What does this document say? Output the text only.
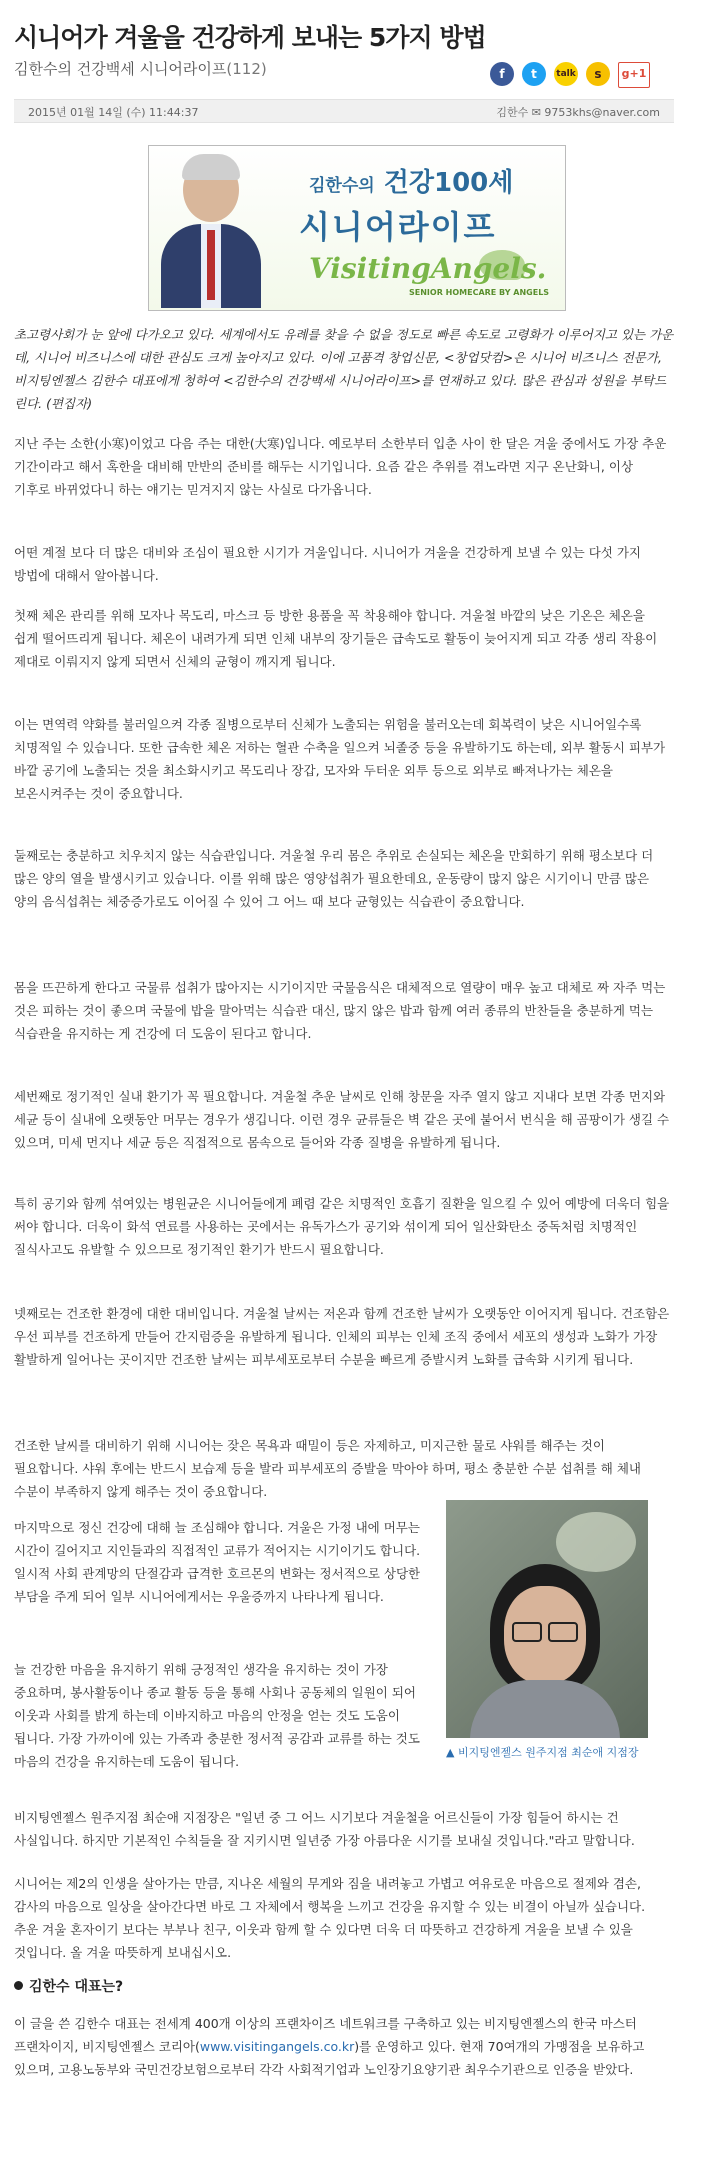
시니어가 겨울을 건강하게 보내는 5가지 방법
김한수의 건강백세 시니어라이프(112)	f	t	talk	s	g+1
2015년 01월 14일 (수) 11:44:37	김한수 ✉ 9753khs@naver.com
김한수의 건강100세
시니어라이프
VisitingAngels.
SENIOR HOMECARE BY ANGELS
초고령사회가 눈 앞에 다가오고 있다. 세계에서도 유례를 찾을 수 없을 정도로 빠른 속도로 고령화가 이루어지고 있는 가운데, 시니어 비즈니스에 대한 관심도 크게 높아지고 있다. 이에 고품격 창업신문, <창업닷컴>은 시니어 비즈니스 전문가, 비지팅엔젤스 김한수 대표에게 청하여 <김한수의 건강백세 시니어라이프>를 연재하고 있다. 많은 관심과 성원을 부탁드린다. (편집자)
지난 주는 소한(小寒)이었고 다음 주는 대한(大寒)입니다. 예로부터 소한부터 입춘 사이 한 달은 겨울 중에서도 가장 추운 기간이라고 해서 혹한을 대비해 만반의 준비를 해두는 시기입니다. 요즘 같은 추위를 겪노라면 지구 온난화니, 이상 기후로 바뀌었다니 하는 얘기는 믿겨지지 않는 사실로 다가옵니다.
어떤 계절 보다 더 많은 대비와 조심이 필요한 시기가 겨울입니다. 시니어가 겨울을 건강하게 보낼 수 있는 다섯 가지 방법에 대해서 알아봅니다.
첫째 체온 관리를 위해 모자나 목도리, 마스크 등 방한 용품을 꼭 착용해야 합니다. 겨울철 바깥의 낮은 기온은 체온을 쉽게 떨어뜨리게 됩니다. 체온이 내려가게 되면 인체 내부의 장기들은 급속도로 활동이 늦어지게 되고 각종 생리 작용이 제대로 이뤄지지 않게 되면서 신체의 균형이 깨지게 됩니다.
이는 면역력 약화를 불러일으켜 각종 질병으로부터 신체가 노출되는 위험을 불러오는데 회복력이 낮은 시니어일수록 치명적일 수 있습니다. 또한 급속한 체온 저하는 혈관 수축을 일으켜 뇌졸중 등을 유발하기도 하는데, 외부 활동시 피부가 바깥 공기에 노출되는 것을 최소화시키고 목도리나 장갑, 모자와 두터운 외투 등으로 외부로 빠져나가는 체온을 보온시켜주는 것이 중요합니다.
둘째로는 충분하고 치우치지 않는 식습관입니다. 겨울철 우리 몸은 추위로 손실되는 체온을 만회하기 위해 평소보다 더 많은 양의 열을 발생시키고 있습니다. 이를 위해 많은 영양섭취가 필요한데요, 운동량이 많지 않은 시기이니 만큼 많은 양의 음식섭취는 체중증가로도 이어질 수 있어 그 어느 때 보다 균형있는 식습관이 중요합니다.
몸을 뜨끈하게 한다고 국물류 섭취가 많아지는 시기이지만 국물음식은 대체적으로 열량이 매우 높고 대체로 짜 자주 먹는 것은 피하는 것이 좋으며 국물에 밥을 말아먹는 식습관 대신, 많지 않은 밥과 함께 여러 종류의 반찬들을 충분하게 먹는 식습관을 유지하는 게 건강에 더 도움이 된다고 합니다.
세번째로 정기적인 실내 환기가 꼭 필요합니다. 겨울철 추운 날씨로 인해 창문을 자주 열지 않고 지내다 보면 각종 먼지와 세균 등이 실내에 오랫동안 머무는 경우가 생깁니다. 이런 경우 균류들은 벽 같은 곳에 붙어서 번식을 해 곰팡이가 생길 수 있으며, 미세 먼지나 세균 등은 직접적으로 몸속으로 들어와 각종 질병을 유발하게 됩니다.
특히 공기와 함께 섞여있는 병원균은 시니어들에게 폐렴 같은 치명적인 호흡기 질환을 일으킬 수 있어 예방에 더욱더 힘을 써야 합니다. 더욱이 화석 연료를 사용하는 곳에서는 유독가스가 공기와 섞이게 되어 일산화탄소 중독처럼 치명적인 질식사고도 유발할 수 있으므로 정기적인 환기가 반드시 필요합니다.
넷째로는 건조한 환경에 대한 대비입니다. 겨울철 날씨는 저온과 함께 건조한 날씨가 오랫동안 이어지게 됩니다. 건조함은 우선 피부를 건조하게 만들어 간지럼증을 유발하게 됩니다. 인체의 피부는 인체 조직 중에서 세포의 생성과 노화가 가장 활발하게 일어나는 곳이지만 건조한 날씨는 피부세포로부터 수분을 빠르게 증발시켜 노화를 급속화 시키게 됩니다.
건조한 날씨를 대비하기 위해 시니어는 잦은 목욕과 때밀이 등은 자제하고, 미지근한 물로 샤워를 해주는 것이 필요합니다. 샤워 후에는 반드시 보습제 등을 발라 피부세포의 증발을 막아야 하며, 평소 충분한 수분 섭취를 해 체내 수분이 부족하지 않게 해주는 것이 중요합니다.
마지막으로 정신 건강에 대해 늘 조심해야 합니다. 겨울은 가정 내에 머무는 시간이 길어지고 지인들과의 직접적인 교류가 적어지는 시기이기도 합니다. 일시적 사회 관계망의 단절감과 급격한 호르몬의 변화는 정서적으로 상당한 부담을 주게 되어 일부 시니어에게서는 우울증까지 나타나게 됩니다.
늘 건강한 마음을 유지하기 위해 긍정적인 생각을 유지하는 것이 가장 중요하며, 봉사활동이나 종교 활동 등을 통해 사회나 공동체의 일원이 되어 이웃과 사회를 밝게 하는데 이바지하고 마음의 안정을 얻는 것도 도움이 됩니다. 가장 가까이에 있는 가족과 충분한 정서적 공감과 교류를 하는 것도 마음의 건강을 유지하는데 도움이 됩니다.
▲ 비지팅엔젤스 원주지점 최순애 지점장
비지팅엔젤스 원주지점 최순애 지점장은 "일년 중 그 어느 시기보다 겨울철을 어르신들이 가장 힘들어 하시는 건 사실입니다. 하지만 기본적인 수칙들을 잘 지키시면 일년중 가장 아름다운 시기를 보내실 것입니다."라고 말합니다.
시니어는 제2의 인생을 살아가는 만큼, 지나온 세월의 무게와 짐을 내려놓고 가볍고 여유로운 마음으로 절제와 겸손, 감사의 마음으로 일상을 살아간다면 바로 그 자체에서 행복을 느끼고 건강을 유지할 수 있는 비결이 아닐까 싶습니다. 추운 겨울 혼자이기 보다는 부부나 친구, 이웃과 함께 할 수 있다면 더욱 더 따뜻하고 건강하게 겨울을 보낼 수 있을 것입니다. 올 겨울 따뜻하게 보내십시오.
김한수 대표는?
이 글을 쓴 김한수 대표는 전세계 400개 이상의 프랜차이즈 네트워크를 구축하고 있는 비지팅엔젤스의 한국 마스터 프랜차이지, 비지팅엔젤스 코리아(www.visitingangels.co.kr)를 운영하고 있다. 현재 70여개의 가맹점을 보유하고 있으며, 고용노동부와 국민건강보험으로부터 각각 사회적기업과 노인장기요양기관 최우수기관으로 인증을 받았다.
